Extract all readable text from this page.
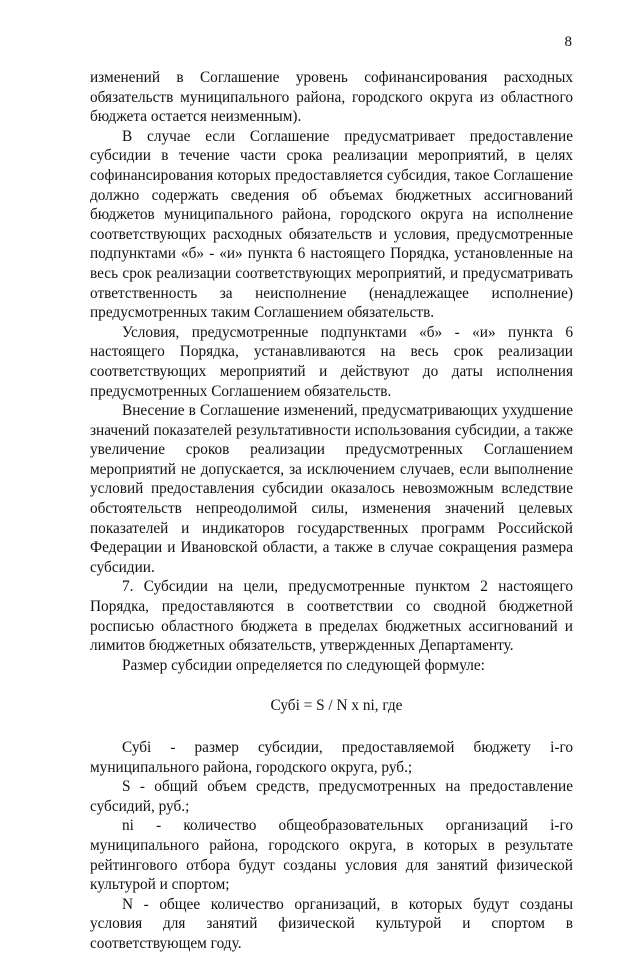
8

изменений в Соглашение уровень софинансирования расходных обязательств муниципального района, городского округа из областного бюджета остается неизменным).

В случае если Соглашение предусматривает предоставление субсидии в течение части срока реализации мероприятий, в целях софинансирования которых предоставляется субсидия, такое Соглашение должно содержать сведения об объемах бюджетных ассигнований бюджетов муниципального района, городского округа на исполнение соответствующих расходных обязательств и условия, предусмотренные подпунктами «б» - «и» пункта 6 настоящего Порядка, установленные на весь срок реализации соответствующих мероприятий, и предусматривать ответственность за неисполнение (ненадлежащее исполнение) предусмотренных таким Соглашением обязательств.

Условия, предусмотренные подпунктами «б» - «и» пункта 6 настоящего Порядка, устанавливаются на весь срок реализации соответствующих мероприятий и действуют до даты исполнения предусмотренных Соглашением обязательств.

Внесение в Соглашение изменений, предусматривающих ухудшение значений показателей результативности использования субсидии, а также увеличение сроков реализации предусмотренных Соглашением мероприятий не допускается, за исключением случаев, если выполнение условий предоставления субсидии оказалось невозможным вследствие обстоятельств непреодолимой силы, изменения значений целевых показателей и индикаторов государственных программ Российской Федерации и Ивановской области, а также в случае сокращения размера субсидии.

7. Субсидии на цели, предусмотренные пунктом 2 настоящего Порядка, предоставляются в соответствии со сводной бюджетной росписью областного бюджета в пределах бюджетных ассигнований и лимитов бюджетных обязательств, утвержденных Департаменту.

Размер субсидии определяется по следующей формуле:

Субi = S / N x ni, где

Субi - размер субсидии, предоставляемой бюджету i-го муниципального района, городского округа, руб.;

S - общий объем средств, предусмотренных на предоставление субсидий, руб.;

ni - количество общеобразовательных организаций i-го муниципального района, городского округа, в которых в результате рейтингового отбора будут созданы условия для занятий физической культурой и спортом;

N - общее количество организаций, в которых будут созданы условия для занятий физической культурой и спортом в соответствующем году.
